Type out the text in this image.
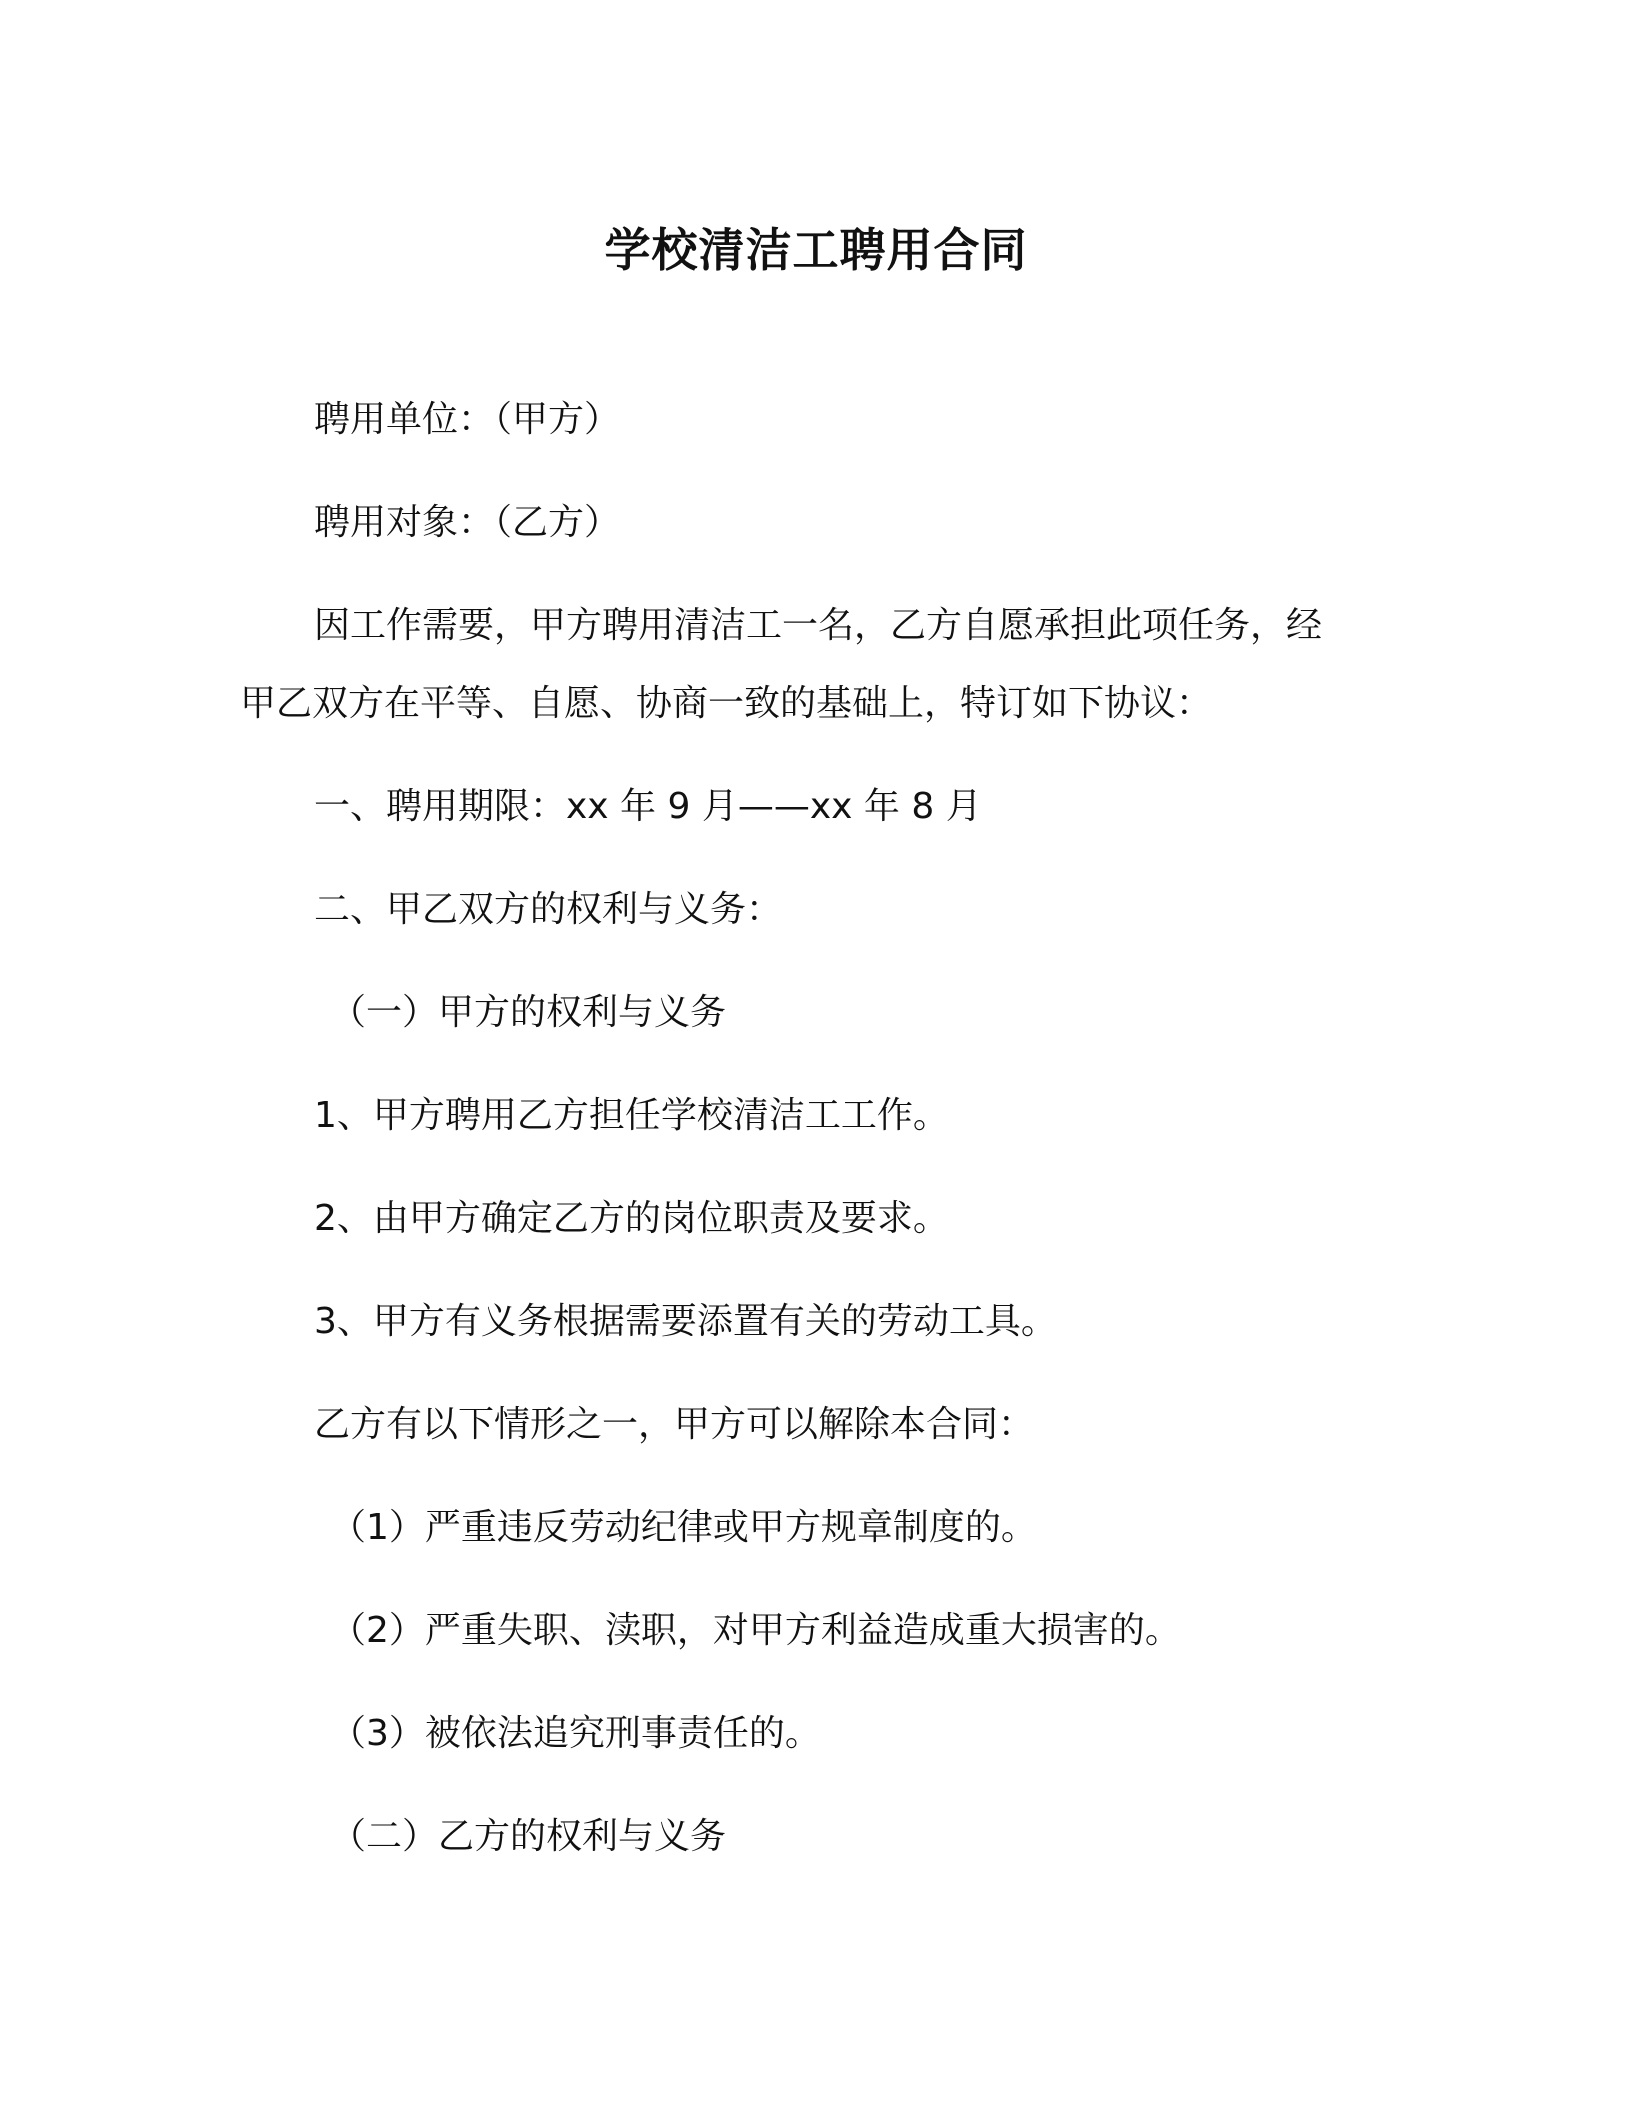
学校清洁工聘用合同
聘用单位：（甲方）
聘用对象：（乙方）
因工作需要，甲方聘用清洁工一名，乙方自愿承担此项任务，经
甲乙双方在平等、自愿、协商一致的基础上，特订如下协议：
一、聘用期限：xx 年 9 月——xx 年 8 月
二、甲乙双方的权利与义务：
（一）甲方的权利与义务
1、甲方聘用乙方担任学校清洁工工作。
2、由甲方确定乙方的岗位职责及要求。
3、甲方有义务根据需要添置有关的劳动工具。
乙方有以下情形之一，甲方可以解除本合同：
（1）严重违反劳动纪律或甲方规章制度的。
（2）严重失职、渎职，对甲方利益造成重大损害的。
（3）被依法追究刑事责任的。
（二）乙方的权利与义务
